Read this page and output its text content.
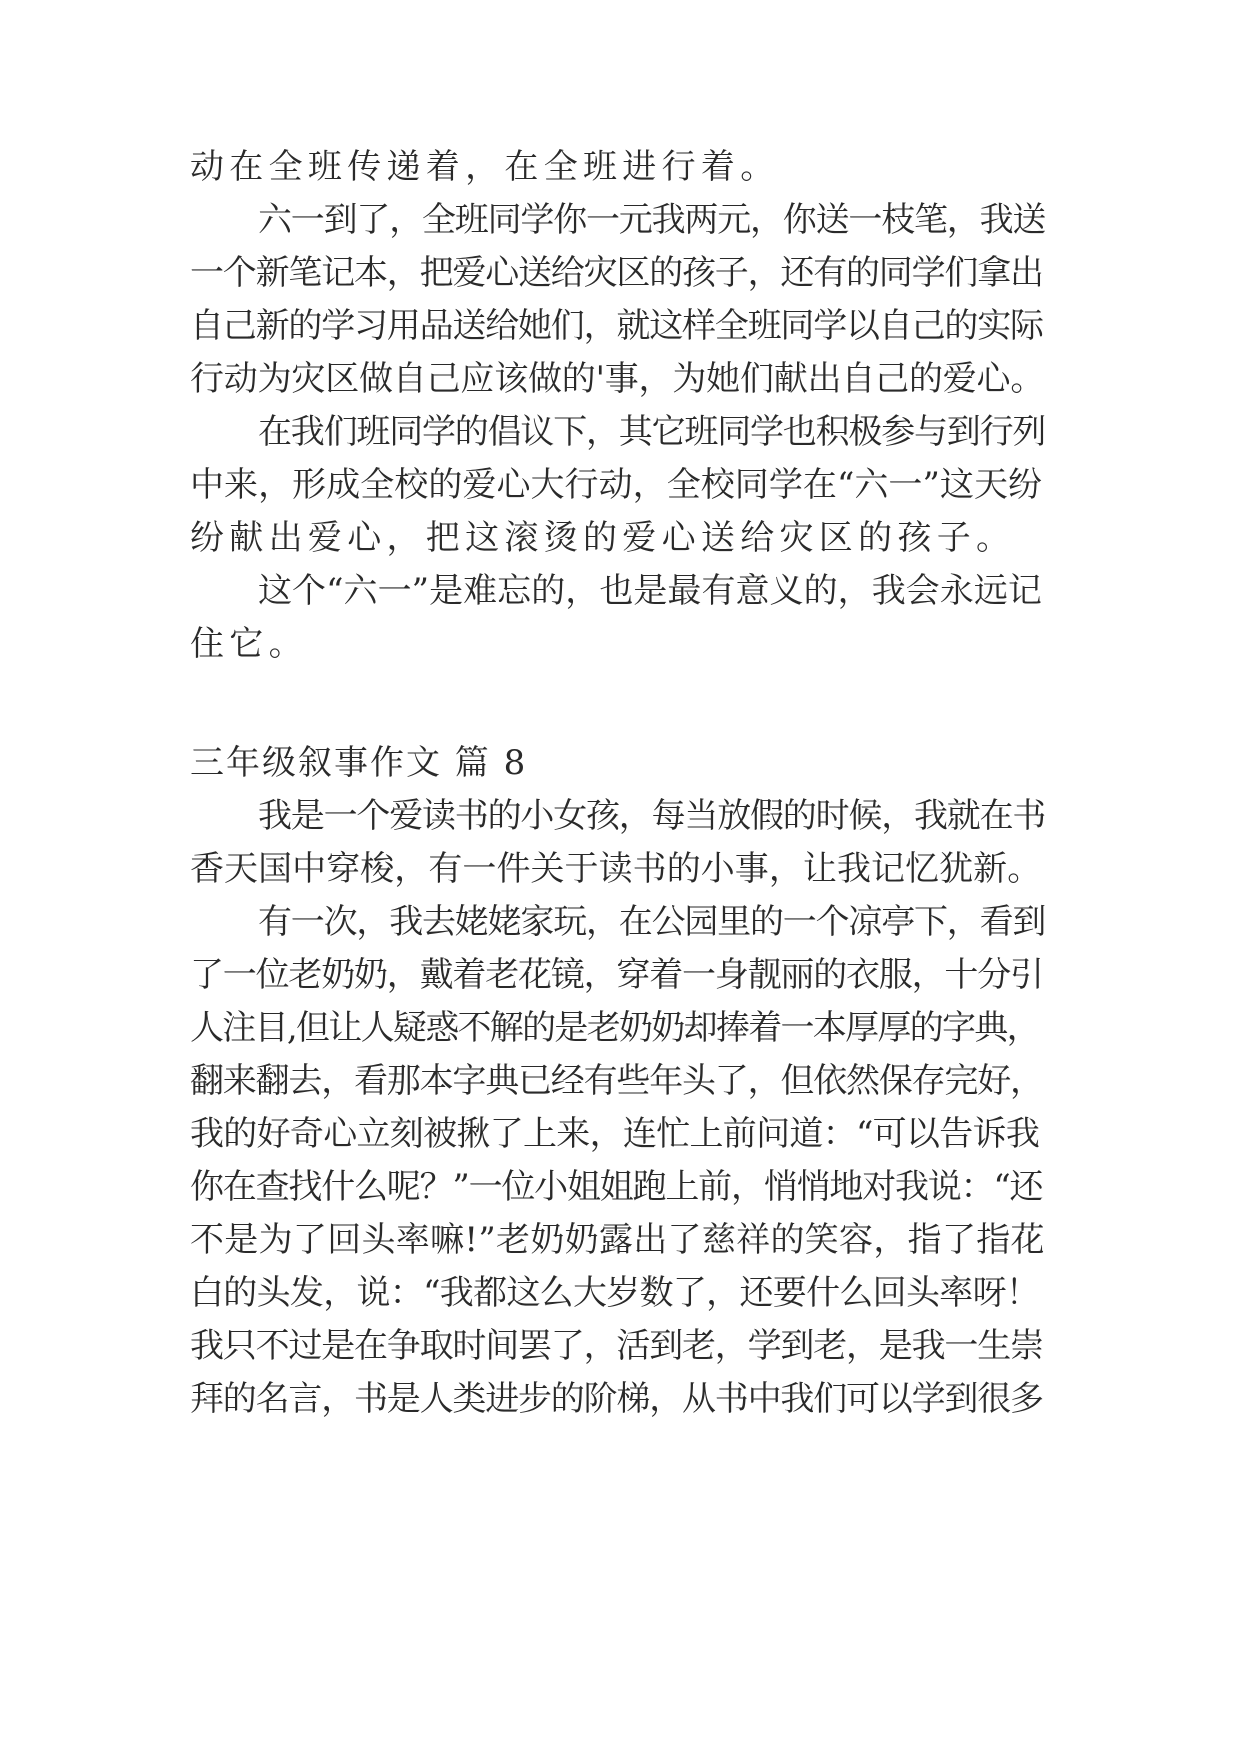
动在全班传递着，在全班进行着。
六一到了，全班同学你一元我两元，你送一枝笔，我送
一个新笔记本，把爱心送给灾区的孩子，还有的同学们拿出
自己新的学习用品送给她们，就这样全班同学以自己的实际
行动为灾区做自己应该做的'事，为她们献出自己的爱心。
在我们班同学的倡议下，其它班同学也积极参与到行列
中来，形成全校的爱心大行动，全校同学在“六一”这天纷
纷献出爱心，把这滚烫的爱心送给灾区的孩子。
这个“六一”是难忘的，也是最有意义的，我会永远记
住它。
三年级叙事作文 篇 8
我是一个爱读书的小女孩，每当放假的时候，我就在书
香天国中穿梭，有一件关于读书的小事，让我记忆犹新。
有一次，我去姥姥家玩，在公园里的一个凉亭下，看到
了一位老奶奶，戴着老花镜，穿着一身靓丽的衣服，十分引
人注目,但让人疑惑不解的是老奶奶却捧着一本厚厚的字典，
翻来翻去，看那本字典已经有些年头了，但依然保存完好，
我的好奇心立刻被揪了上来，连忙上前问道：“可以告诉我
你在查找什么呢？”一位小姐姐跑上前，悄悄地对我说：“还
不是为了回头率嘛!”老奶奶露出了慈祥的笑容，指了指花
白的头发，说：“我都这么大岁数了，还要什么回头率呀！
我只不过是在争取时间罢了，活到老，学到老，是我一生崇
拜的名言，书是人类进步的阶梯，从书中我们可以学到很多
